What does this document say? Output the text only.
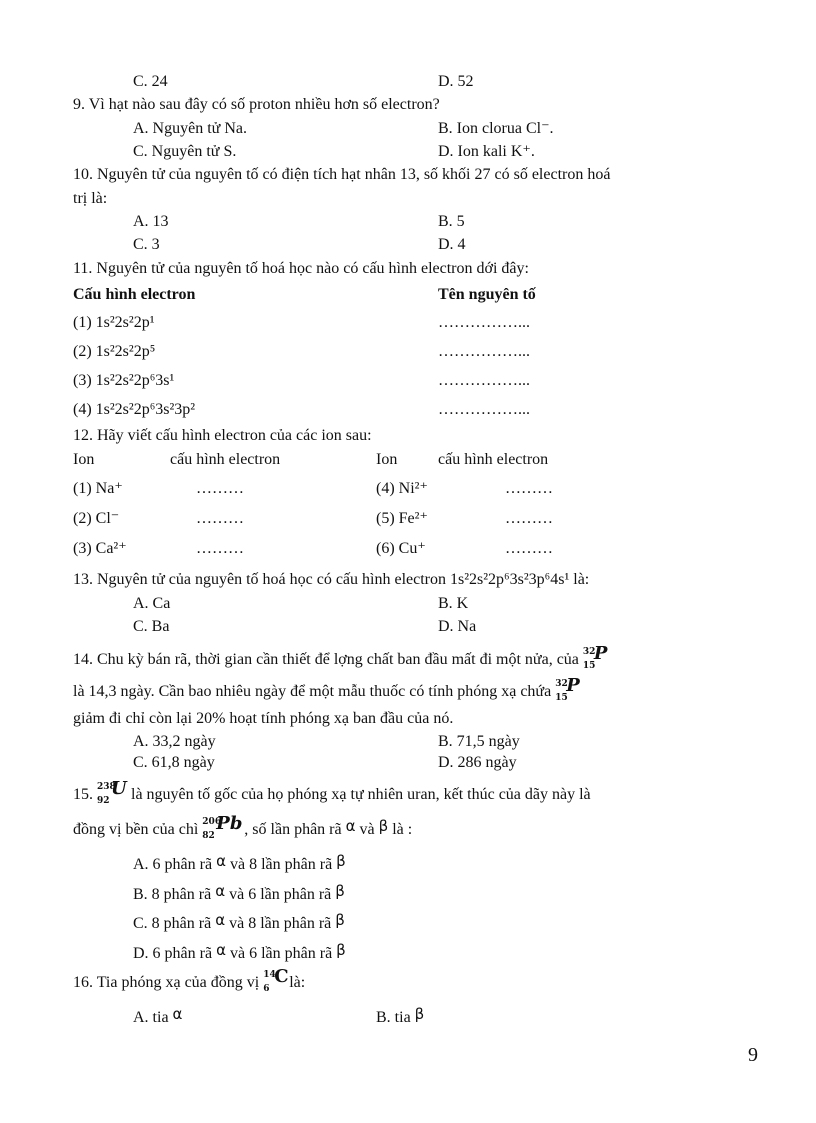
C. 24	D. 52
9. Vì hạt nào sau đây có số proton nhiều hơn số electron?
A. Nguyên tử Na.	B. Ion clorua Cl⁻.
C. Nguyên tử S.	D. Ion kali K⁺.
10. Nguyên tử của nguyên tố có điện tích hạt nhân 13, số khối 27 có số electron hoá
trị là:
A. 13	B. 5
C. 3	D. 4
11. Nguyên tử của nguyên tố hoá học nào có cấu hình electron dới đây:
Cấu hình electron	Tên nguyên tố
(1) 1s²2s²2p¹	……………...
(2) 1s²2s²2p⁵	……………...
(3) 1s²2s²2p⁶3s¹	……………...
(4) 1s²2s²2p⁶3s²3p²	……………...
12. Hãy viết cấu hình electron của các ion sau:
Ion	cấu hình electron	Ion	cấu hình electron
(1) Na⁺	………	(4) Ni²⁺	………
(2) Cl⁻	………	(5) Fe²⁺	………
(3) Ca²⁺	………	(6) Cu⁺	………
13. Nguyên tử của nguyên tố hoá học có cấu hình electron 1s²2s²2p⁶3s²3p⁶4s¹ là:
A. Ca	B. K
C. Ba	D. Na
14. Chu kỳ bán rã, thời gian cần thiết để lợng chất ban đầu mất đi một nửa, của 32
15
P
là 14,3 ngày. Cần bao nhiêu ngày để một mẫu thuốc có tính phóng xạ chứa 32
15
P
giảm đi chỉ còn lại 20% hoạt tính phóng xạ ban đầu của nó.
A. 33,2 ngày	B. 71,5 ngày
C. 61,8 ngày	D. 286 ngày
15. 238
92
U là nguyên tố gốc của họ phóng xạ tự nhiên uran, kết thúc của dãy này là
đồng vị bền của chì 206
82
Pb , số lần phân rã α và β là :
A. 6 phân rã α và 8 lần phân rã β
B. 8 phân rã α và 6 lần phân rã β
C. 8 phân rã α và 8 lần phân rã β
D. 6 phân rã α và 6 lần phân rã β
16. Tia phóng xạ của đồng vị 14
6
C là:
A. tia α	B. tia β
9
